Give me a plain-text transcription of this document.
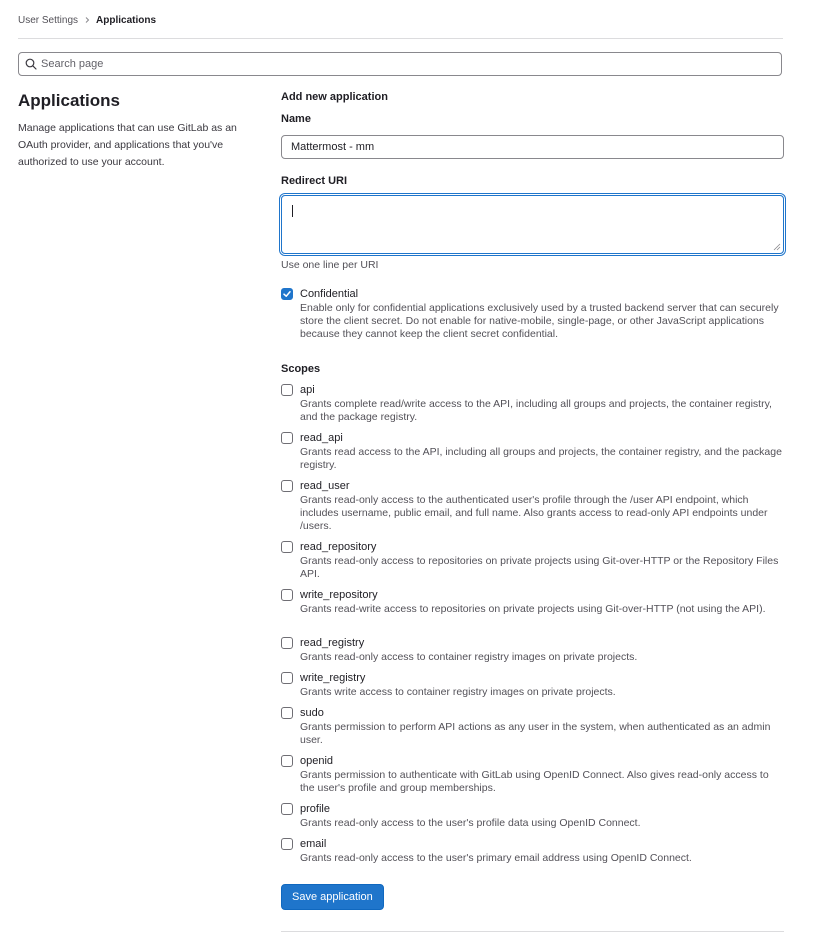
User Settings Applications
Search page
Applications

Manage applications that can use GitLab as an OAuth provider, and applications that you've authorized to use your account.

Add new application
Name
Mattermost - mm
Redirect URI
Use one line per URI
Confidential
Enable only for confidential applications exclusively used by a trusted backend server that can securely store the client secret. Do not enable for native-mobile, single-page, or other JavaScript applications because they cannot keep the client secret confidential.
Scopes
api
Grants complete read/write access to the API, including all groups and projects, the container registry, and the package registry.
read_api
Grants read access to the API, including all groups and projects, the container registry, and the package registry.
read_user
Grants read-only access to the authenticated user's profile through the /user API endpoint, which includes username, public email, and full name. Also grants access to read-only API endpoints under /users.
read_repository
Grants read-only access to repositories on private projects using Git-over-HTTP or the Repository Files API.
write_repository
Grants read-write access to repositories on private projects using Git-over-HTTP (not using the API).
read_registry
Grants read-only access to container registry images on private projects.
write_registry
Grants write access to container registry images on private projects.
sudo
Grants permission to perform API actions as any user in the system, when authenticated as an admin user.
openid
Grants permission to authenticate with GitLab using OpenID Connect. Also gives read-only access to the user's profile and group memberships.
profile
Grants read-only access to the user's profile data using OpenID Connect.
email
Grants read-only access to the user's primary email address using OpenID Connect.
Save application
